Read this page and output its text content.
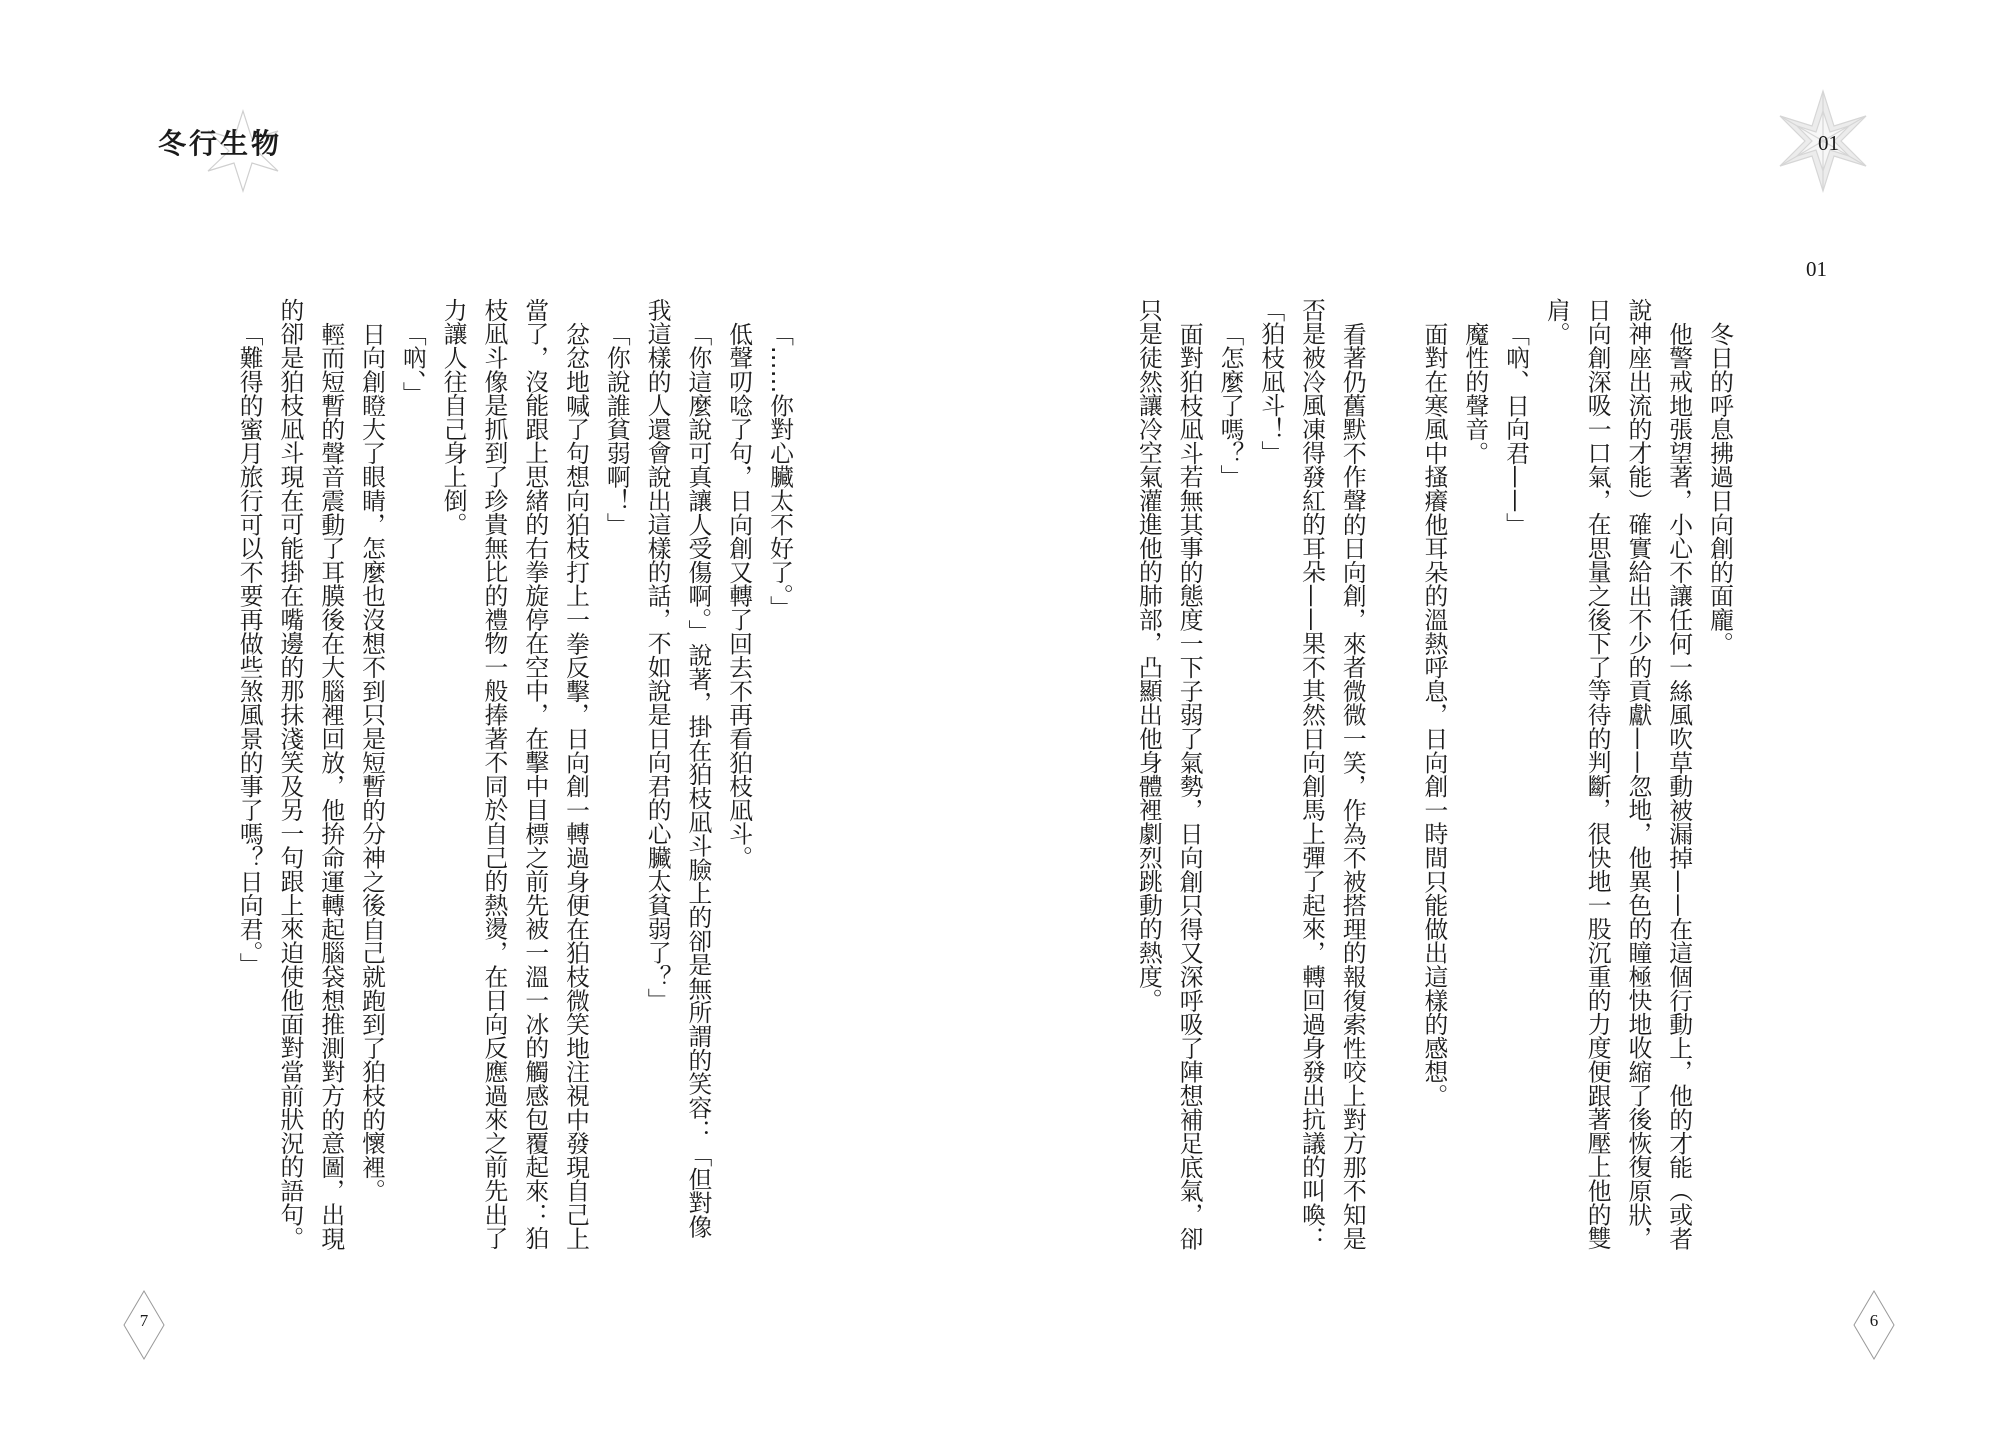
冬行生物	01
01

冬日的呼息拂過日向創的面龐。

他警戒地張望著，小心不讓任何一絲風吹草動被漏掉——在這個行動上，他的才能（或者說神座出流的才能）確實給出不少的貢獻——忽地，他異色的瞳極快地收縮了後恢復原狀，日向創深吸一口氣，在思量之後下了等待的判斷，很快地一股沉重的力度便跟著壓上他的雙肩。

「吶、日向君——」

魔性的聲音。

面對在寒風中搔癢他耳朵的溫熱呼息，日向創一時間只能做出這樣的感想。

看著仍舊默不作聲的日向創，來者微微一笑，作為不被搭理的報復索性咬上對方那不知是否是被冷風凍得發紅的耳朵——果不其然日向創馬上彈了起來，轉回過身發出抗議的叫喚：「狛枝凪斗！」

「怎麼了嗎？」

面對狛枝凪斗若無其事的態度一下子弱了氣勢，日向創只得又深呼吸了陣想補足底氣，卻只是徒然讓冷空氣灌進他的肺部，凸顯出他身體裡劇烈跳動的熱度。

「……你對心臟太不好了。」

低聲叨唸了句，日向創又轉了回去不再看狛枝凪斗。

「你這麼說可真讓人受傷啊。」說著，掛在狛枝凪斗臉上的卻是無所謂的笑容：「但對像我這樣的人還會說出這樣的話，不如說是日向君的心臟太貧弱了？」

「你說誰貧弱啊！」

忿忿地喊了句想向狛枝打上一拳反擊，日向創一轉過身便在狛枝微笑地注視中發現自己上當了，沒能跟上思緒的右拳旋停在空中，在擊中目標之前先被一溫一冰的觸感包覆起來：狛枝凪斗像是抓到了珍貴無比的禮物一般捧著不同於自己的熱燙，在日向反應過來之前先出了力讓人往自己身上倒。

「吶、」

日向創瞪大了眼睛，怎麼也沒想不到只是短暫的分神之後自己就跑到了狛枝的懷裡。

輕而短暫的聲音震動了耳膜後在大腦裡回放，他拚命運轉起腦袋想推測對方的意圖，出現的卻是狛枝凪斗現在可能掛在嘴邊的那抹淺笑及另一句跟上來迫使他面對當前狀況的語句。

「難得的蜜月旅行可以不要再做些煞風景的事了嗎？日向君。」

7	6
